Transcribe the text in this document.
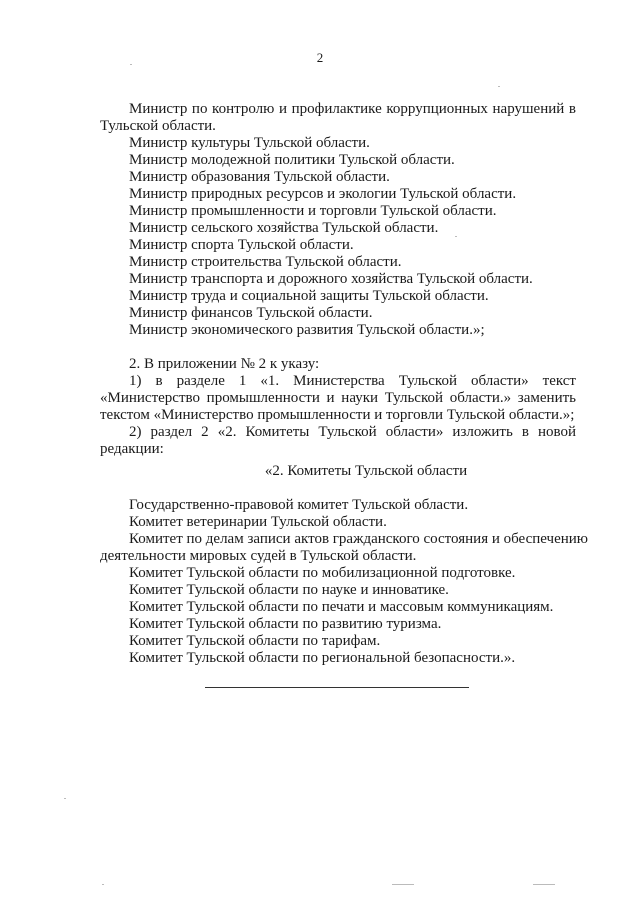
2
Министр по контролю и профилактике коррупционных нарушений в
Тульской области.
Министр культуры Тульской области.
Министр молодежной политики Тульской области.
Министр образования Тульской области.
Министр природных ресурсов и экологии Тульской области.
Министр промышленности и торговли Тульской области.
Министр сельского хозяйства Тульской области.
Министр спорта Тульской области.
Министр строительства Тульской области.
Министр транспорта и дорожного хозяйства Тульской области.
Министр труда и социальной защиты Тульской области.
Министр финансов Тульской области.
Министр экономического развития Тульской области.»;
2. В приложении № 2 к указу:
1) в разделе 1 «1. Министерства Тульской области» текст
«Министерство промышленности и науки Тульской области.» заменить
текстом «Министерство промышленности и торговли Тульской области.»;
2) раздел 2 «2. Комитеты Тульской области» изложить в новой
редакции:
«2. Комитеты Тульской области
Государственно-правовой комитет Тульской области.
Комитет ветеринарии Тульской области.
Комитет по делам записи актов гражданского состояния и обеспечению
деятельности мировых судей в Тульской области.
Комитет Тульской области по мобилизационной подготовке.
Комитет Тульской области по науке и инноватике.
Комитет Тульской области по печати и массовым коммуникациям.
Комитет Тульской области по развитию туризма.
Комитет Тульской области по тарифам.
Комитет Тульской области по региональной безопасности.».
